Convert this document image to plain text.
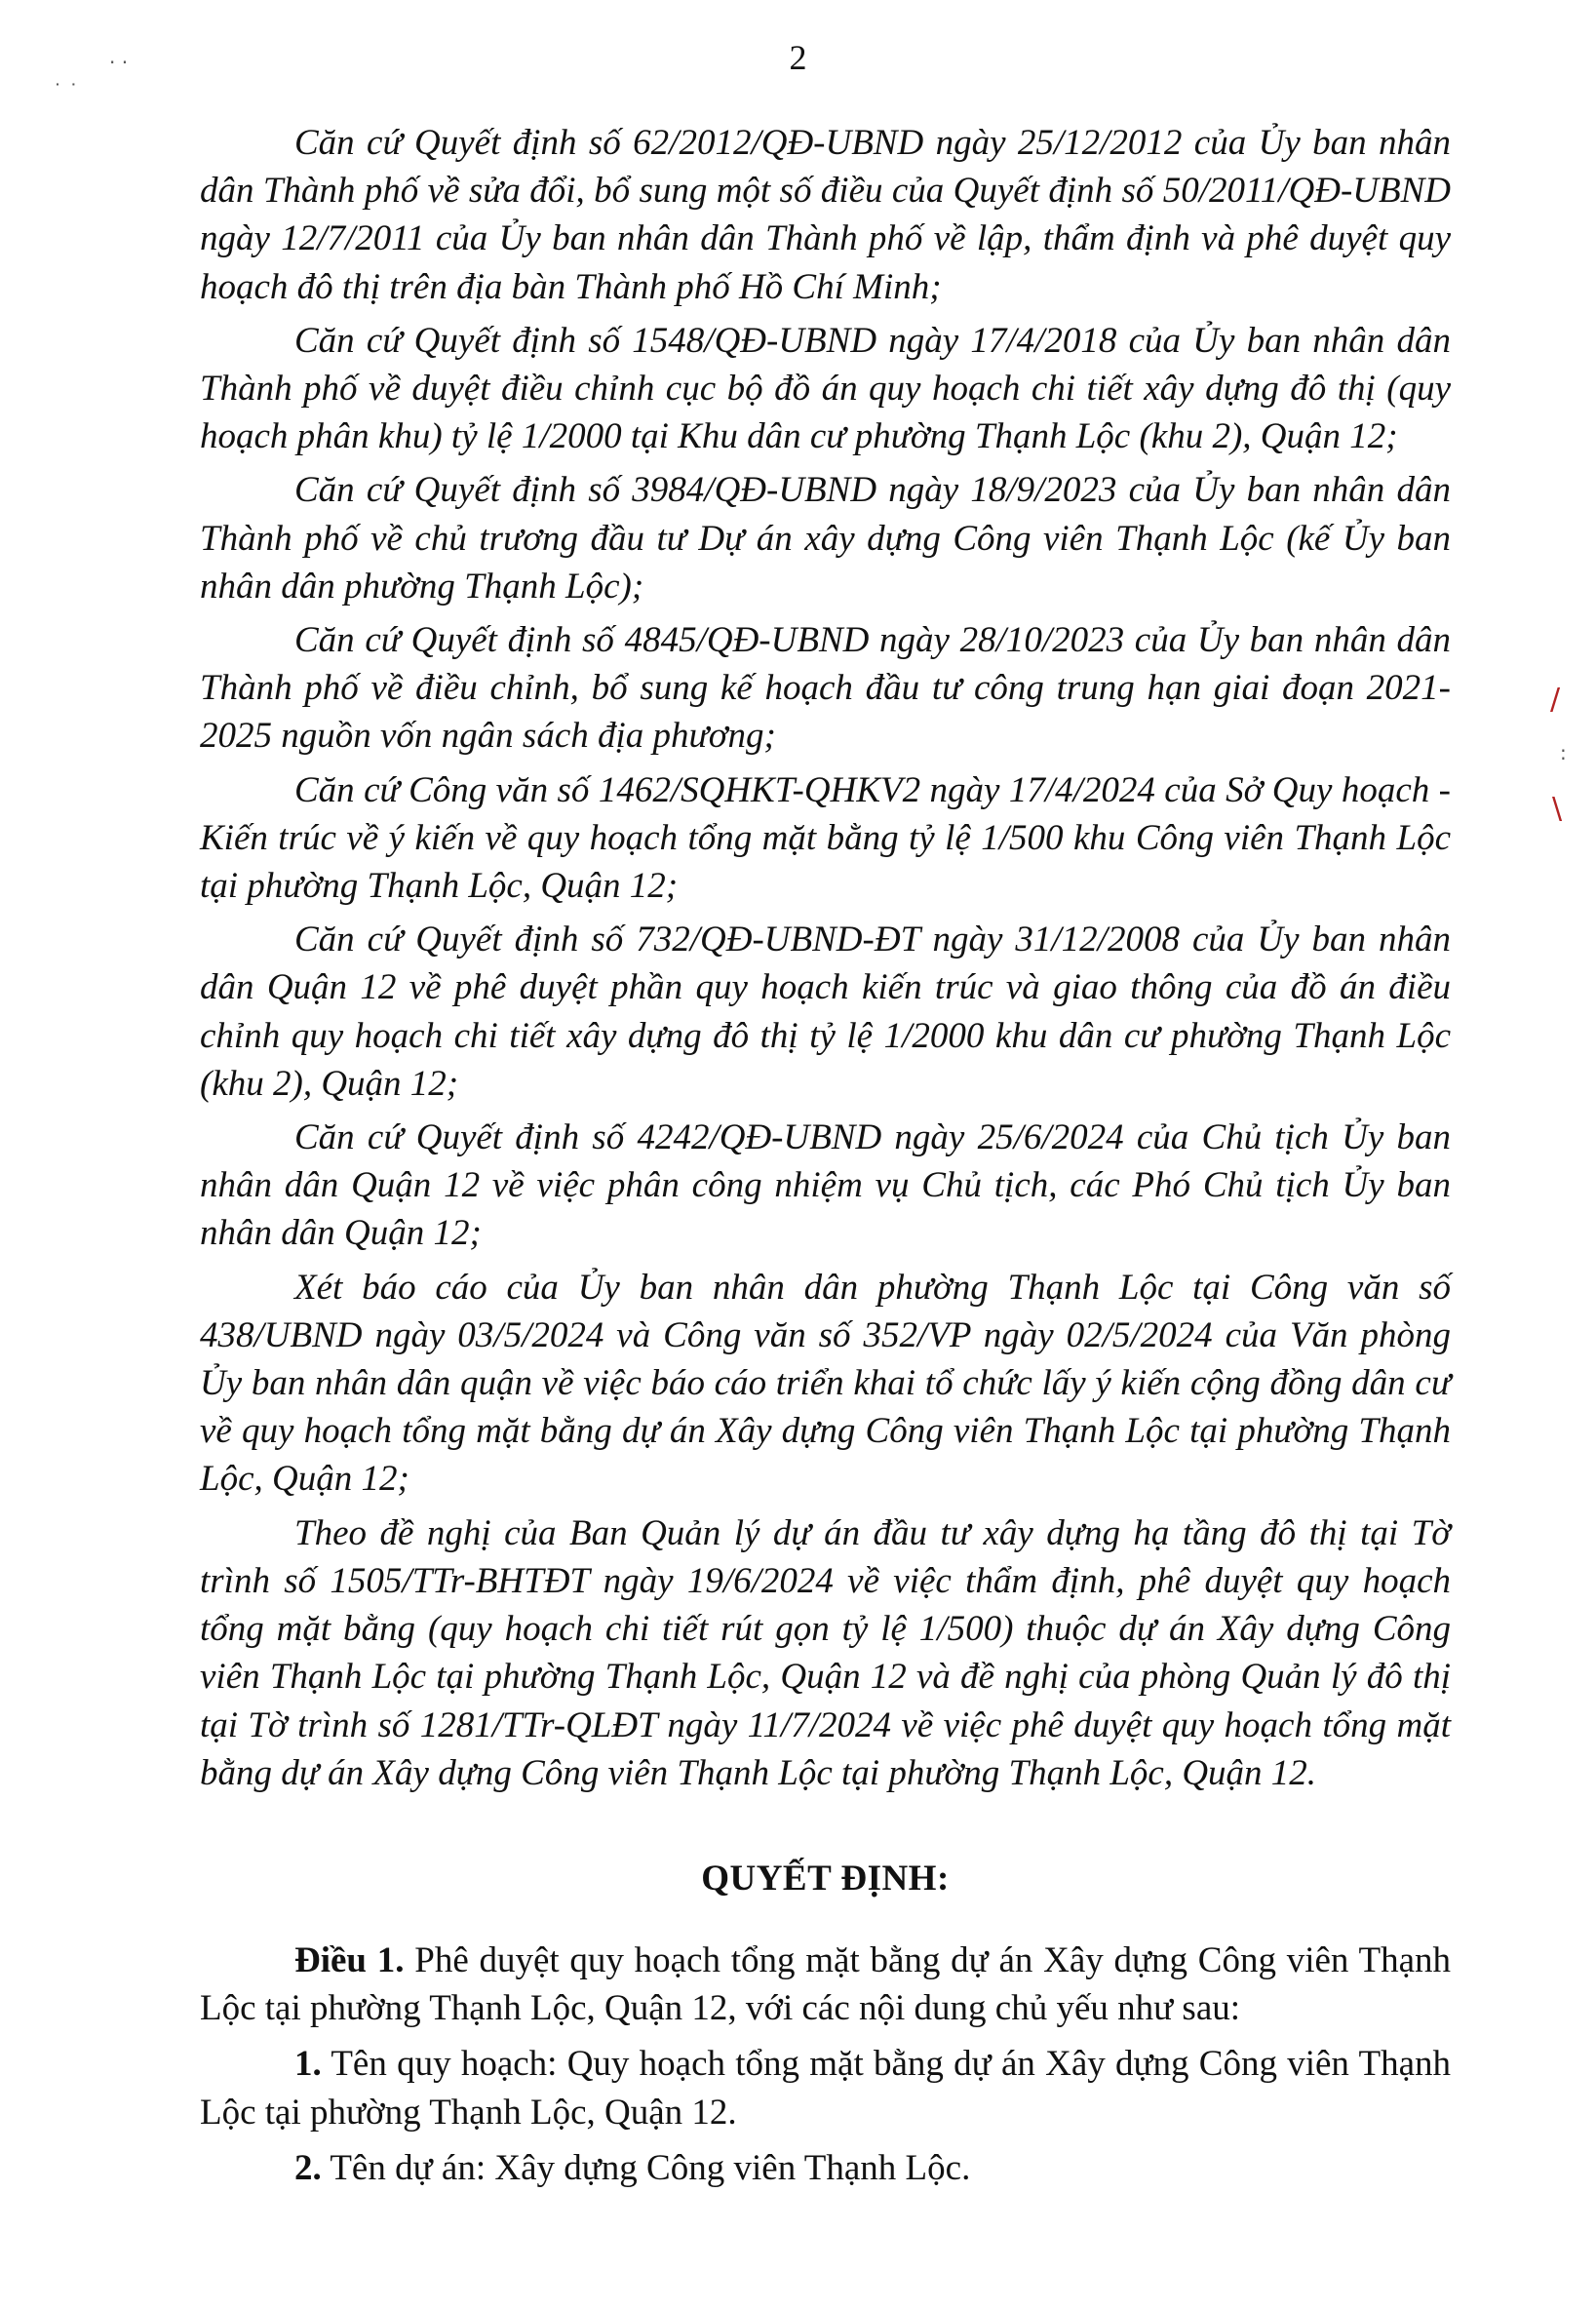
2
· ·
˙ ˙
/
:
\

Căn cứ Quyết định số 62/2012/QĐ-UBND ngày 25/12/2012 của Ủy ban nhân dân Thành phố về sửa đổi, bổ sung một số điều của Quyết định số 50/2011/QĐ-UBND ngày 12/7/2011 của Ủy ban nhân dân Thành phố về lập, thẩm định và phê duyệt quy hoạch đô thị trên địa bàn Thành phố Hồ Chí Minh;

Căn cứ Quyết định số 1548/QĐ-UBND ngày 17/4/2018 của Ủy ban nhân dân Thành phố về duyệt điều chỉnh cục bộ đồ án quy hoạch chi tiết xây dựng đô thị (quy hoạch phân khu) tỷ lệ 1/2000 tại Khu dân cư phường Thạnh Lộc (khu 2), Quận 12;

Căn cứ Quyết định số 3984/QĐ-UBND ngày 18/9/2023 của Ủy ban nhân dân Thành phố về chủ trương đầu tư Dự án xây dựng Công viên Thạnh Lộc (kế Ủy ban nhân dân phường Thạnh Lộc);

Căn cứ Quyết định số 4845/QĐ-UBND ngày 28/10/2023 của Ủy ban nhân dân Thành phố về điều chỉnh, bổ sung kế hoạch đầu tư công trung hạn giai đoạn 2021-2025 nguồn vốn ngân sách địa phương;

Căn cứ Công văn số 1462/SQHKT-QHKV2 ngày 17/4/2024 của Sở Quy hoạch - Kiến trúc về ý kiến về quy hoạch tổng mặt bằng tỷ lệ 1/500 khu Công viên Thạnh Lộc tại phường Thạnh Lộc, Quận 12;

Căn cứ Quyết định số 732/QĐ-UBND-ĐT ngày 31/12/2008 của Ủy ban nhân dân Quận 12 về phê duyệt phần quy hoạch kiến trúc và giao thông của đồ án điều chỉnh quy hoạch chi tiết xây dựng đô thị tỷ lệ 1/2000 khu dân cư phường Thạnh Lộc (khu 2), Quận 12;

Căn cứ Quyết định số 4242/QĐ-UBND ngày 25/6/2024 của Chủ tịch Ủy ban nhân dân Quận 12 về việc phân công nhiệm vụ Chủ tịch, các Phó Chủ tịch Ủy ban nhân dân Quận 12;

Xét báo cáo của Ủy ban nhân dân phường Thạnh Lộc tại Công văn số 438/UBND ngày 03/5/2024 và Công văn số 352/VP ngày 02/5/2024 của Văn phòng Ủy ban nhân dân quận về việc báo cáo triển khai tổ chức lấy ý kiến cộng đồng dân cư về quy hoạch tổng mặt bằng dự án Xây dựng Công viên Thạnh Lộc tại phường Thạnh Lộc, Quận 12;

Theo đề nghị của Ban Quản lý dự án đầu tư xây dựng hạ tầng đô thị tại Tờ trình số 1505/TTr-BHTĐT ngày 19/6/2024 về việc thẩm định, phê duyệt quy hoạch tổng mặt bằng (quy hoạch chi tiết rút gọn tỷ lệ 1/500) thuộc dự án Xây dựng Công viên Thạnh Lộc tại phường Thạnh Lộc, Quận 12 và đề nghị của phòng Quản lý đô thị tại Tờ trình số 1281/TTr-QLĐT ngày 11/7/2024 về việc phê duyệt quy hoạch tổng mặt bằng dự án Xây dựng Công viên Thạnh Lộc tại phường Thạnh Lộc, Quận 12.

QUYẾT ĐỊNH:

Điều 1. Phê duyệt quy hoạch tổng mặt bằng dự án Xây dựng Công viên Thạnh Lộc tại phường Thạnh Lộc, Quận 12, với các nội dung chủ yếu như sau:

1. Tên quy hoạch: Quy hoạch tổng mặt bằng dự án Xây dựng Công viên Thạnh Lộc tại phường Thạnh Lộc, Quận 12.

2. Tên dự án: Xây dựng Công viên Thạnh Lộc.
